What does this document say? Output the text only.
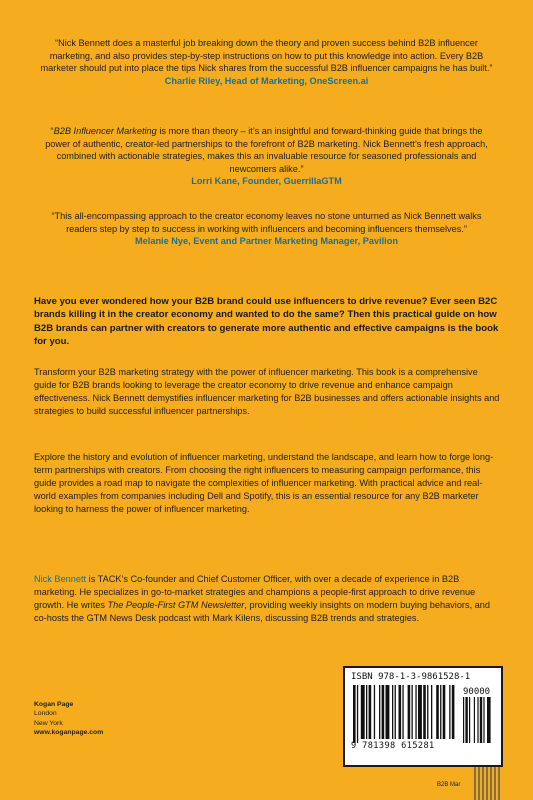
“Nick Bennett does a masterful job breaking down the theory and proven success behind B2B influencer marketing, and also provides step-by-step instructions on how to put this knowledge into action. Every B2B marketer should put into place the tips Nick shares from the successful B2B influencer campaigns he has built.”
Charlie Riley, Head of Marketing, OneScreen.ai
“B2B Influencer Marketing is more than theory – it’s an insightful and forward-thinking guide that brings the power of authentic, creator-led partnerships to the forefront of B2B marketing. Nick Bennett’s fresh approach, combined with actionable strategies, makes this an invaluable resource for seasoned professionals and newcomers alike.”
Lorri Kane, Founder, GuerrillaGTM
“This all-encompassing approach to the creator economy leaves no stone unturned as Nick Bennett walks readers step by step to success in working with influencers and becoming influencers themselves.”
Melanie Nye, Event and Partner Marketing Manager, Pavilion
Have you ever wondered how your B2B brand could use influencers to drive revenue? Ever seen B2C brands killing it in the creator economy and wanted to do the same? Then this practical guide on how B2B brands can partner with creators to generate more authentic and effective campaigns is the book for you.
Transform your B2B marketing strategy with the power of influencer marketing. This book is a comprehensive guide for B2B brands looking to leverage the creator economy to drive revenue and enhance campaign effectiveness. Nick Bennett demystifies influencer marketing for B2B businesses and offers actionable insights and strategies to build successful influencer partnerships.
Explore the history and evolution of influencer marketing, understand the landscape, and learn how to forge long-term partnerships with creators. From choosing the right influencers to measuring campaign performance, this guide provides a road map to navigate the complexities of influencer marketing. With practical advice and real-world examples from companies including Dell and Spotify, this is an essential resource for any B2B marketer looking to harness the power of influencer marketing.
Nick Bennett is TACK’s Co-founder and Chief Customer Officer, with over a decade of experience in B2B marketing. He specializes in go-to-market strategies and champions a people-first approach to drive revenue growth. He writes The People-First GTM Newsletter, providing weekly insights on modern buying behaviors, and co-hosts the GTM News Desk podcast with Mark Kilens, discussing B2B trends and strategies.
Kogan Page
London
New York
www.koganpage.com
ISBN 978-1-3-9861528-1
90000
9 781398 615281
B2B Mar
